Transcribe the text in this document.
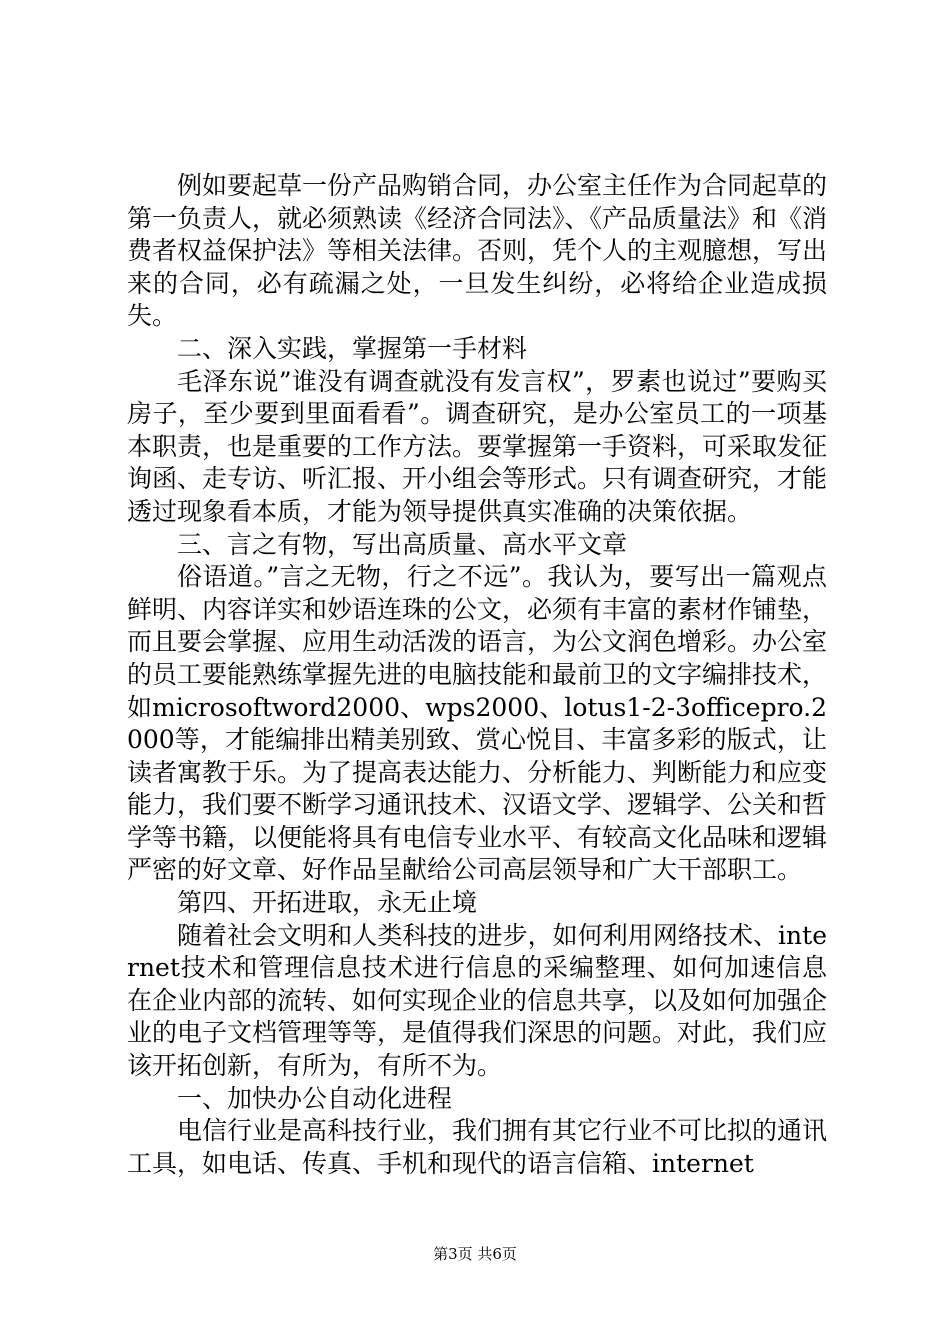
例如要起草一份产品购销合同，办公室主任作为合同起草的第一负责人，就必须熟读《经济合同法》、《产品质量法》和《消费者权益保护法》等相关法律。否则，凭个人的主观臆想，写出来的合同，必有疏漏之处，一旦发生纠纷，必将给企业造成损失。

二、深入实践，掌握第一手材料

毛泽东说”谁没有调查就没有发言权”，罗素也说过”要购买房子，至少要到里面看看”。调查研究，是办公室员工的一项基本职责，也是重要的工作方法。要掌握第一手资料，可采取发征询函、走专访、听汇报、开小组会等形式。只有调查研究，才能透过现象看本质，才能为领导提供真实准确的决策依据。

三、言之有物，写出高质量、高水平文章

俗语道。”言之无物，行之不远”。我认为，要写出一篇观点鲜明、内容详实和妙语连珠的公文，必须有丰富的素材作铺垫，而且要会掌握、应用生动活泼的语言，为公文润色增彩。办公室的员工要能熟练掌握先进的电脑技能和最前卫的文字编排技术，如microsoftword2000、wps2000、lotus1-2-3officepro.2000等，才能编排出精美别致、赏心悦目、丰富多彩的版式，让读者寓教于乐。为了提高表达能力、分析能力、判断能力和应变能力，我们要不断学习通讯技术、汉语文学、逻辑学、公关和哲学等书籍，以便能将具有电信专业水平、有较高文化品味和逻辑严密的好文章、好作品呈献给公司高层领导和广大干部职工。

第四、开拓进取，永无止境

随着社会文明和人类科技的进步，如何利用网络技术、internet技术和管理信息技术进行信息的采编整理、如何加速信息在企业内部的流转、如何实现企业的信息共享，以及如何加强企业的电子文档管理等等，是值得我们深思的问题。对此，我们应该开拓创新，有所为，有所不为。

一、加快办公自动化进程

电信行业是高科技行业，我们拥有其它行业不可比拟的通讯工具，如电话、传真、手机和现代的语言信箱、internet

第3页 共6页
